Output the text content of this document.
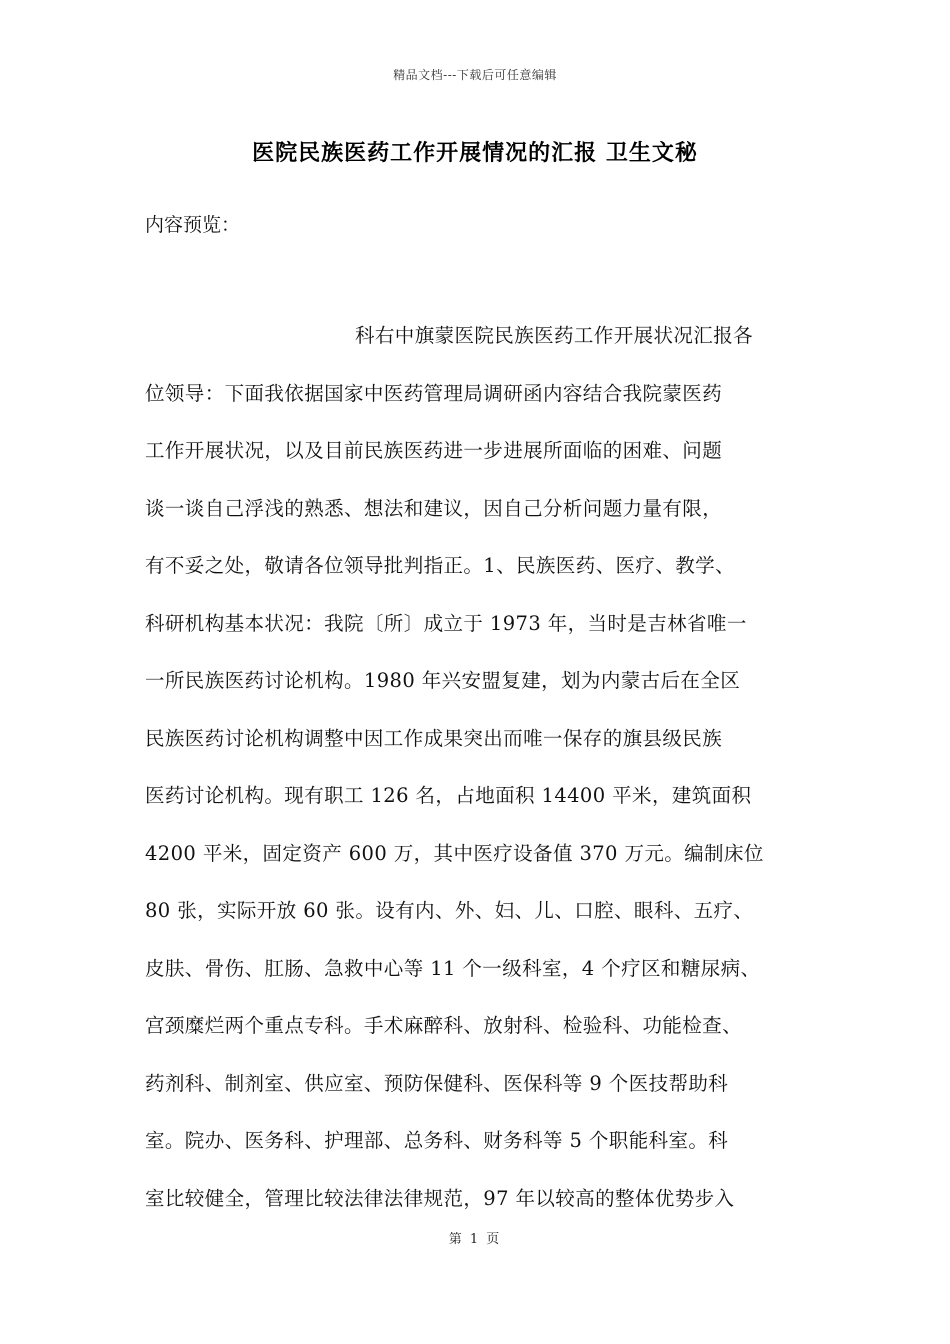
精品文档---下载后可任意编辑
医院民族医药工作开展情况的汇报 卫生文秘
内容预览：
科右中旗蒙医院民族医药工作开展状况汇报各
位领导：下面我依据国家中医药管理局调研函内容结合我院蒙医药
工作开展状况，以及目前民族医药进一步进展所面临的困难、问题
谈一谈自己浮浅的熟悉、想法和建议，因自己分析问题力量有限，
有不妥之处，敬请各位领导批判指正。1、民族医药、医疗、教学、
科研机构基本状况：我院〔所〕成立于 1973 年，当时是吉林省唯一
一所民族医药讨论机构。1980 年兴安盟复建，划为内蒙古后在全区
民族医药讨论机构调整中因工作成果突出而唯一保存的旗县级民族
医药讨论机构。现有职工 126 名，占地面积 14400 平米，建筑面积
4200 平米，固定资产 600 万，其中医疗设备值 370 万元。编制床位
80 张，实际开放 60 张。设有内、外、妇、儿、口腔、眼科、五疗、
皮肤、骨伤、肛肠、急救中心等 11 个一级科室，4 个疗区和糖尿病、
宫颈糜烂两个重点专科。手术麻醉科、放射科、检验科、功能检查、
药剂科、制剂室、供应室、预防保健科、医保科等 9 个医技帮助科
室。院办、医务科、护理部、总务科、财务科等 5 个职能科室。科
室比较健全，管理比较法律法律规范，97 年以较高的整体优势步入
第 1 页
